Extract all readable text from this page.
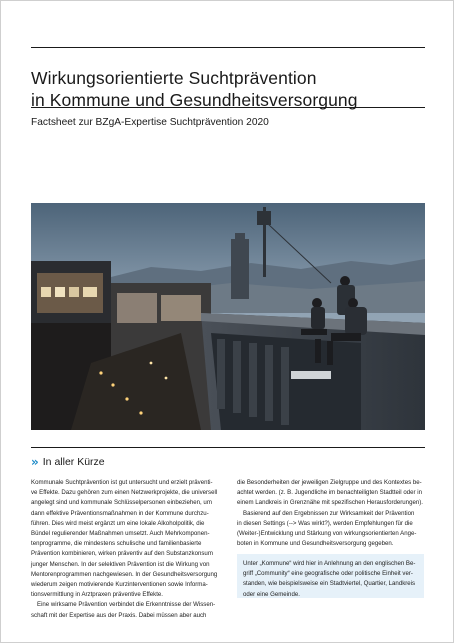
Wirkungsorientierte Suchtprävention
in Kommune und Gesundheitsversorgung
Factsheet zur BZgA-Expertise Suchtprävention 2020
» In aller Kürze

Kommunale Suchtprävention ist gut untersucht und erzielt präventi-

ve Effekte. Dazu gehören zum einen Netzwerkprojekte, die universell

angelegt sind und kommunale Schlüsselpersonen einbeziehen, um

dann effektive Präventionsmaßnahmen in der Kommune durchzu-

führen. Dies wird meist ergänzt um eine lokale Alkoholpolitik, die

Bündel regulierender Maßnahmen umsetzt. Auch Mehrkomponen-

tenprogramme, die mindestens schulische und familienbasierte

Prävention kombinieren, wirken präventiv auf den Substanzkonsum

junger Menschen. In der selektiven Prävention ist die Wirkung von

Mentorenprogrammen nachgewiesen. In der Gesundheitsversorgung

wiederum zeigen motivierende Kurzinterventionen sowie Informa-

tionsvermittlung in Arztpraxen präventive Effekte.

Eine wirksame Prävention verbindet die Erkenntnisse der Wissen-

schaft mit der Expertise aus der Praxis. Dabei müssen aber auch

die Besonderheiten der jeweiligen Zielgruppe und des Kontextes be-

achtet werden. (z. B. Jugendliche im benachteiligten Stadtteil oder in

einem Landkreis in Grenznähe mit spezifischen Herausforderungen).

Basierend auf den Ergebnissen zur Wirksamkeit der Prävention

in diesen Settings (--> Was wirkt?), werden Empfehlungen für die

(Weiter-)Entwicklung und Stärkung von wirkungsorientierten Ange-

boten in Kommune und Gesundheitsversorgung gegeben.

Unter „Kommune“ wird hier in Anlehnung an den englischen Be-
griff „Community“ eine geografische oder politische Einheit ver-
standen, wie beispielsweise ein Stadtviertel, Quartier, Landkreis
oder eine Gemeinde.
